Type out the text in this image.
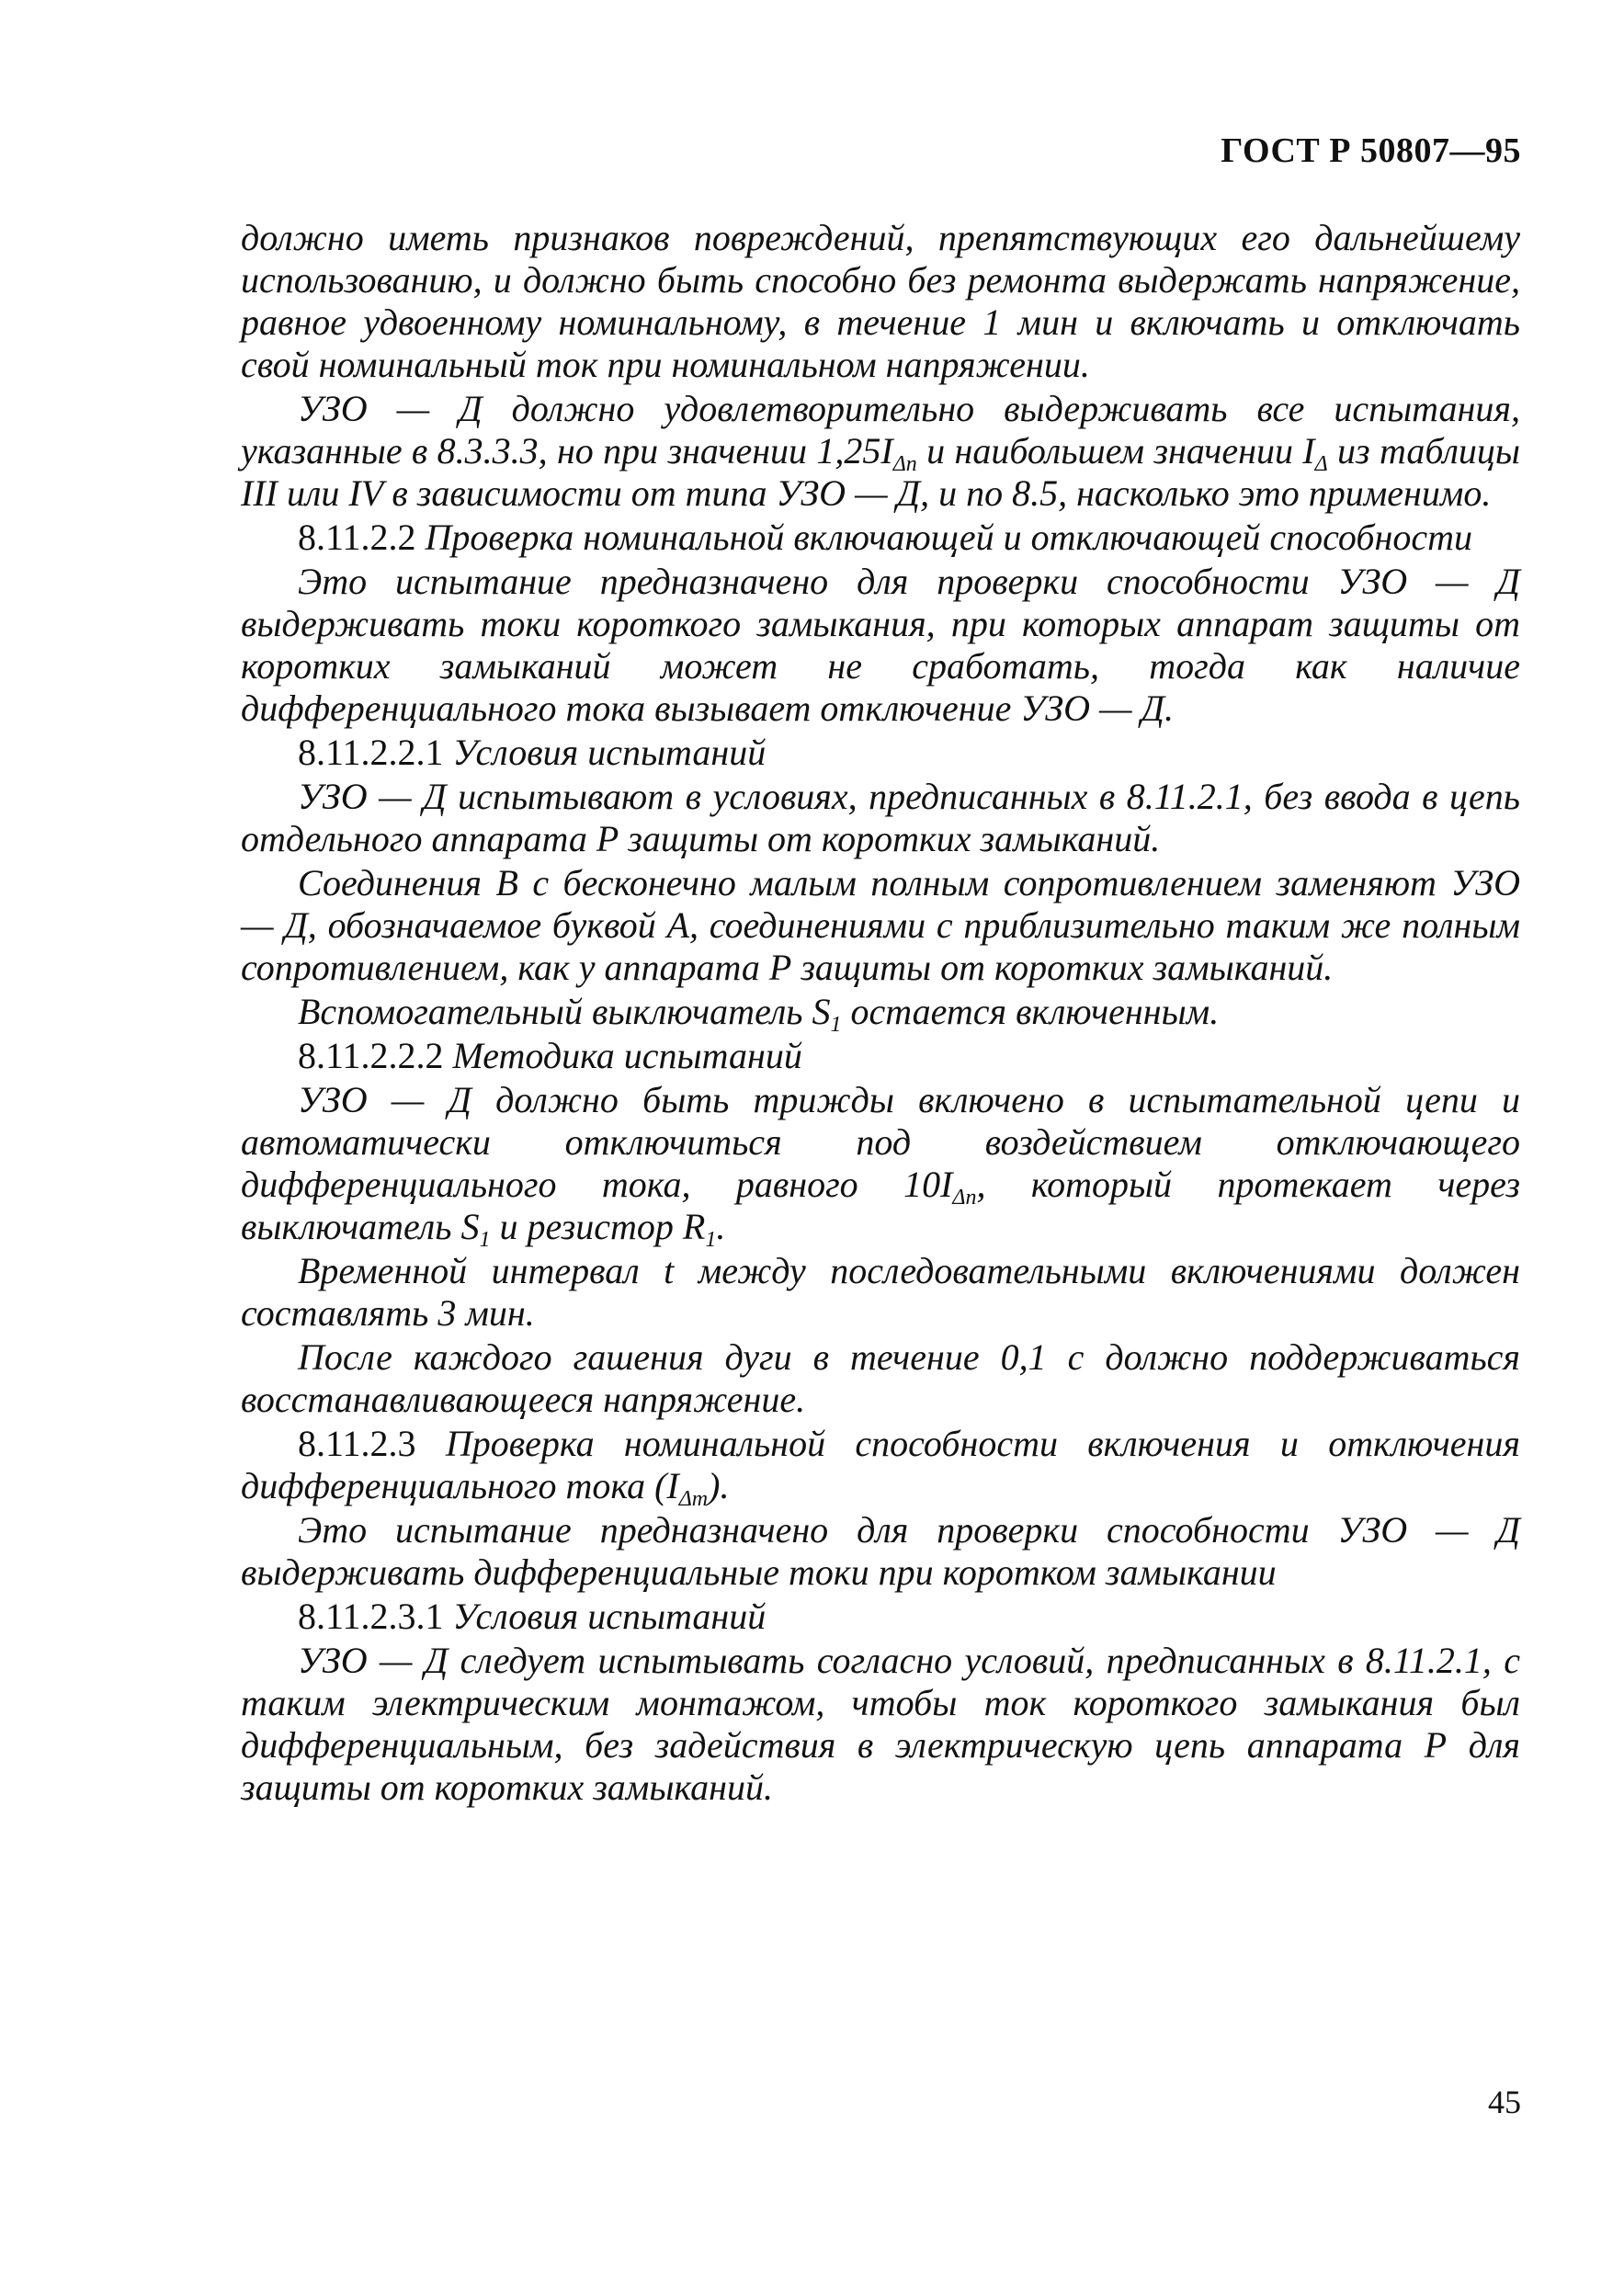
ГОСТ Р 50807—95

должно иметь признаков повреждений, препятствующих его дальнейшему использованию, и должно быть способно без ремонта выдержать напряжение, равное удвоенному номинальному, в течение 1 мин и включать и отключать свой номинальный ток при номинальном напряжении.

УЗО — Д должно удовлетворительно выдерживать все испытания, указанные в 8.3.3.3, но при значении $1,25I_{\Delta n}$ и наибольшем значении $I_\Delta$ из таблицы III или IV в зависимости от типа УЗО — Д, и по 8.5, насколько это применимо.

8.11.2.2 Проверка номинальной включающей и отключающей способности

Это испытание предназначено для проверки способности УЗО — Д выдерживать токи короткого замыкания, при которых аппарат защиты от коротких замыканий может не сработать, тогда как наличие дифференциального тока вызывает отключение УЗО — Д.

8.11.2.2.1 Условия испытаний

УЗО — Д испытывают в условиях, предписанных в 8.11.2.1, без ввода в цепь отдельного аппарата Р защиты от коротких замыканий.

Соединения В с бесконечно малым полным сопротивлением заменяют УЗО — Д, обозначаемое буквой А, соединениями с приблизительно таким же полным сопротивлением, как у аппарата Р защиты от коротких замыканий.

Вспомогательный выключатель $S_1$ остается включенным.

8.11.2.2.2 Методика испытаний

УЗО — Д должно быть трижды включено в испытательной цепи и автоматически отключиться под воздействием отключающего дифференциального тока, равного $10I_{\Delta n}$, который протекает через выключатель $S_1$ и резистор $R_1$.

Временной интервал t между последовательными включениями должен составлять 3 мин.

После каждого гашения дуги в течение 0,1 с должно поддерживаться восстанавливающееся напряжение.

8.11.2.3 Проверка номинальной способности включения и отключения дифференциального тока $(I_{\Delta m})$.

Это испытание предназначено для проверки способности УЗО — Д выдерживать дифференциальные токи при коротком замыкании

8.11.2.3.1 Условия испытаний

УЗО — Д следует испытывать согласно условий, предписанных в 8.11.2.1, с таким электрическим монтажом, чтобы ток короткого замыкания был дифференциальным, без задействия в электрическую цепь аппарата Р для защиты от коротких замыканий.

45
